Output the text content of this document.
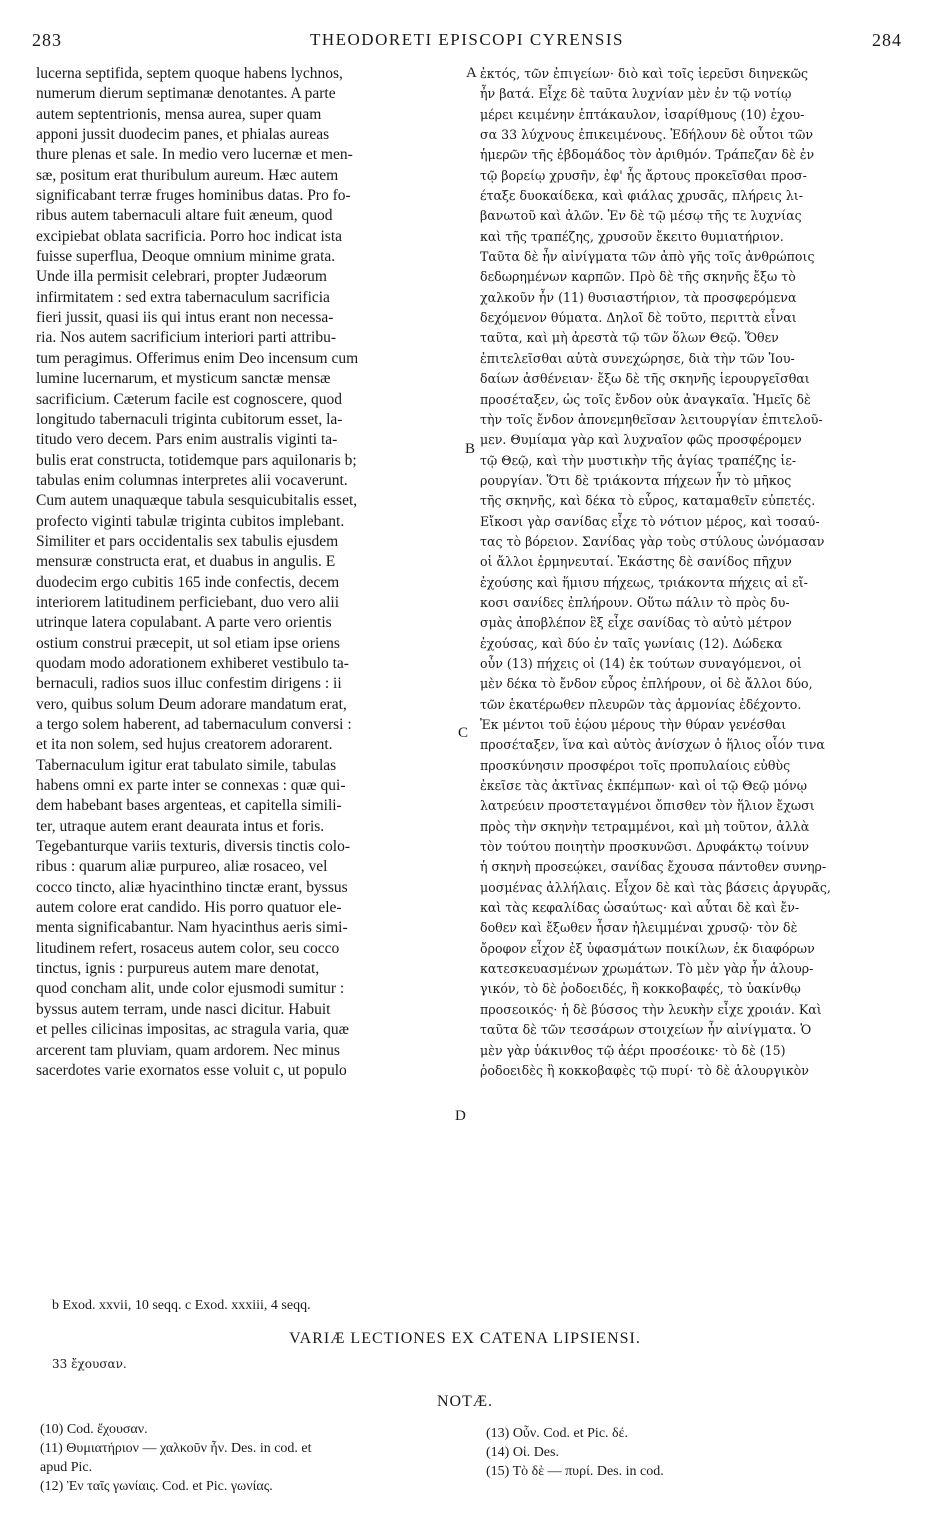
283	THEODORETI EPISCOPI CYRENSIS	284
lucerna septifida, septem quoque habens lychnos,
numerum dierum septimanæ denotantes. A parte
autem septentrionis, mensa aurea, super quam
apponi jussit duodecim panes, et phialas aureas
thure plenas et sale. In medio vero lucernæ et men-
sæ, positum erat thuribulum aureum. Hæc autem
significabant terræ fruges hominibus datas. Pro fo-
ribus autem tabernaculi altare fuit æneum, quod
excipiebat oblata sacrificia. Porro hoc indicat ista
fuisse superflua, Deoque omnium minime grata.
Unde illa permisit celebrari, propter Judæorum
infirmitatem : sed extra tabernaculum sacrificia
fieri jussit, quasi iis qui intus erant non necessa-
ria. Nos autem sacrificium interiori parti attribu-
tum peragimus. Offerimus enim Deo incensum cum
lumine lucernarum, et mysticum sanctæ mensæ
sacrificium. Cæterum facile est cognoscere, quod
longitudo tabernaculi triginta cubitorum esset, la-
titudo vero decem. Pars enim australis viginti ta-
bulis erat constructa, totidemque pars aquilonaris b;
tabulas enim columnas interpretes alii vocaverunt.
Cum autem unaquæque tabula sesquicubitalis esset,
profecto viginti tabulæ triginta cubitos implebant.
Similiter et pars occidentalis sex tabulis ejusdem
mensuræ constructa erat, et duabus in angulis. E
duodecim ergo cubitis 165 inde confectis, decem
interiorem latitudinem perficiebant, duo vero alii
utrinque latera copulabant. A parte vero orientis
ostium construi præcepit, ut sol etiam ipse oriens
quodam modo adorationem exhiberet vestibulo ta-
bernaculi, radios suos illuc confestim dirigens : ii
vero, quibus solum Deum adorare mandatum erat,
a tergo solem haberent, ad tabernaculum conversi :
et ita non solem, sed hujus creatorem adorarent.
Tabernaculum igitur erat tabulato simile, tabulas
habens omni ex parte inter se connexas : quæ qui-
dem habebant bases argenteas, et capitella simili-
ter, utraque autem erant deaurata intus et foris.
Tegebanturque variis texturis, diversis tinctis colo-
ribus : quarum aliæ purpureo, aliæ rosaceo, vel
cocco tincto, aliæ hyacinthino tinctæ erant, byssus
autem colore erat candido. His porro quatuor ele-
menta significabantur. Nam hyacinthus aeris simi-
litudinem refert, rosaceus autem color, seu cocco
tinctus, ignis : purpureus autem mare denotat,
quod concham alit, unde color ejusmodi sumitur :
byssus autem terram, unde nasci dicitur. Habuit
et pelles cilicinas impositas, ac stragula varia, quæ
arcerent tam pluviam, quam ardorem. Nec minus
sacerdotes varie exornatos esse voluit c, ut populo
A
B
C
D
ἐκτός, τῶν ἐπιγείων· διὸ καὶ τοῖς ἱερεῦσι διηνεκῶς
ἦν βατά. Εἶχε δὲ ταῦτα λυχνίαν μὲν ἐν τῷ νοτίῳ
μέρει κειμένην ἑπτάκαυλον, ἰσαρίθμους (10) ἐχου-
σα 33 λύχνους ἐπικειμένους. Ἐδήλουν δὲ οὗτοι τῶν
ἡμερῶν τῆς ἑβδομάδος τὸν ἀριθμόν. Τράπεζαν δὲ ἐν
τῷ βορείῳ χρυσῆν, ἐφ' ἧς ἄρτους προκεῖσθαι προσ-
έταξε δυοκαίδεκα, καὶ φιάλας χρυσᾶς, πλήρεις λι-
βανωτοῦ καὶ ἁλῶν. Ἐν δὲ τῷ μέσῳ τῆς τε λυχνίας
καὶ τῆς τραπέζης, χρυσοῦν ἔκειτο θυμιατήριον.
Ταῦτα δὲ ἦν αἰνίγματα τῶν ἀπὸ γῆς τοῖς ἀνθρώποις
δεδωρημένων καρπῶν. Πρὸ δὲ τῆς σκηνῆς ἔξω τὸ
χαλκοῦν ἦν (11) θυσιαστήριον, τὰ προσφερόμενα
δεχόμενον θύματα. Δηλοῖ δὲ τοῦτο, περιττὰ εἶναι
ταῦτα, καὶ μὴ ἀρεστὰ τῷ τῶν ὅλων Θεῷ. Ὅθεν
ἐπιτελεῖσθαι αὐτὰ συνεχώρησε, διὰ τὴν τῶν Ἰου-
δαίων ἀσθένειαν· ἔξω δὲ τῆς σκηνῆς ἱερουργεῖσθαι
προσέταξεν, ὡς τοῖς ἔνδον οὐκ ἀναγκαῖα. Ἡμεῖς δὲ
τὴν τοῖς ἔνδον ἀπονεμηθεῖσαν λειτουργίαν ἐπιτελοῦ-
μεν. Θυμίαμα γὰρ καὶ λυχναῖον φῶς προσφέρομεν
τῷ Θεῷ, καὶ τὴν μυστικὴν τῆς ἁγίας τραπέζης ἱε-
ρουργίαν. Ὅτι δὲ τριάκοντα πήχεων ἦν τὸ μῆκος
τῆς σκηνῆς, καὶ δέκα τὸ εὖρος, καταμαθεῖν εὐπετές.
Εἴκοσι γὰρ σανίδας εἶχε τὸ νότιον μέρος, καὶ τοσαύ-
τας τὸ βόρειον. Σανίδας γὰρ τοὺς στύλους ὠνόμασαν
οἱ ἄλλοι ἑρμηνευταί. Ἑκάστης δὲ σανίδος πῆχυν
ἐχούσης καὶ ἥμισυ πήχεως, τριάκοντα πήχεις αἱ εἴ-
κοσι σανίδες ἐπλήρουν. Οὕτω πάλιν τὸ πρὸς δυ-
σμὰς ἀποβλέπον ἓξ εἶχε σανίδας τὸ αὐτὸ μέτρον
ἐχούσας, καὶ δύο ἐν ταῖς γωνίαις (12). Δώδεκα
οὖν (13) πήχεις οἱ (14) ἐκ τούτων συναγόμενοι, οἱ
μὲν δέκα τὸ ἔνδον εὖρος ἐπλήρουν, οἱ δὲ ἄλλοι δύο,
τῶν ἑκατέρωθεν πλευρῶν τὰς ἁρμονίας ἐδέχοντο.
Ἐκ μέντοι τοῦ ἑῴου μέρους τὴν θύραν γενέσθαι
προσέταξεν, ἵνα καὶ αὐτὸς ἀνίσχων ὁ ἥλιος οἷόν τινα
προσκύνησιν προσφέροι τοῖς προπυλαίοις εὐθὺς
ἐκεῖσε τὰς ἀκτῖνας ἐκπέμπων· καὶ οἱ τῷ Θεῷ μόνῳ
λατρεύειν προστεταγμένοι ὄπισθεν τὸν ἥλιον ἔχωσι
πρὸς τὴν σκηνὴν τετραμμένοι, καὶ μὴ τοῦτον, ἀλλὰ
τὸν τούτου ποιητὴν προσκυνῶσι. Δρυφάκτῳ τοίνυν
ἡ σκηνὴ προσεῴκει, σανίδας ἔχουσα πάντοθεν συνηρ-
μοσμένας ἀλλήλαις. Εἶχον δὲ καὶ τὰς βάσεις ἀργυρᾶς,
καὶ τὰς κεφαλίδας ὡσαύτως· καὶ αὗται δὲ καὶ ἔν-
δοθεν καὶ ἔξωθεν ἦσαν ἠλειμμέναι χρυσῷ· τὸν δὲ
ὄροφον εἶχον ἐξ ὑφασμάτων ποικίλων, ἐκ διαφόρων
κατεσκευασμένων χρωμάτων. Τὸ μὲν γὰρ ἦν ἁλουρ-
γικόν, τὸ δὲ ῥοδοειδές, ἢ κοκκοβαφές, τὸ ὑακίνθῳ
προσεοικός· ἡ δὲ βύσσος τὴν λευκὴν εἶχε χροιάν. Καὶ
ταῦτα δὲ τῶν τεσσάρων στοιχείων ἦν αἰνίγματα. Ὁ
μὲν γὰρ ὑάκινθος τῷ ἀέρι προσέοικε· τὸ δὲ (15)
ῥοδοειδὲς ἢ κοκκοβαφὲς τῷ πυρί· τὸ δὲ ἁλουργικὸν
b Exod. xxvii, 10 seqq. c Exod. xxxiii, 4 seqq.
VARIÆ LECTIONES EX CATENA LIPSIENSI.
33 ἔχουσαν.
NOTÆ.
(10) Cod. ἔχουσαν.
(11) Θυμιατήριον — χαλκοῦν ἦν. Des. in cod. et
apud Pic.
(12) Ἐν ταῖς γωνίαις. Cod. et Pic. γωνίας.
(13) Οὖν. Cod. et Pic. δέ.
(14) Οἱ. Des.
(15) Τὸ δὲ — πυρί. Des. in cod.
